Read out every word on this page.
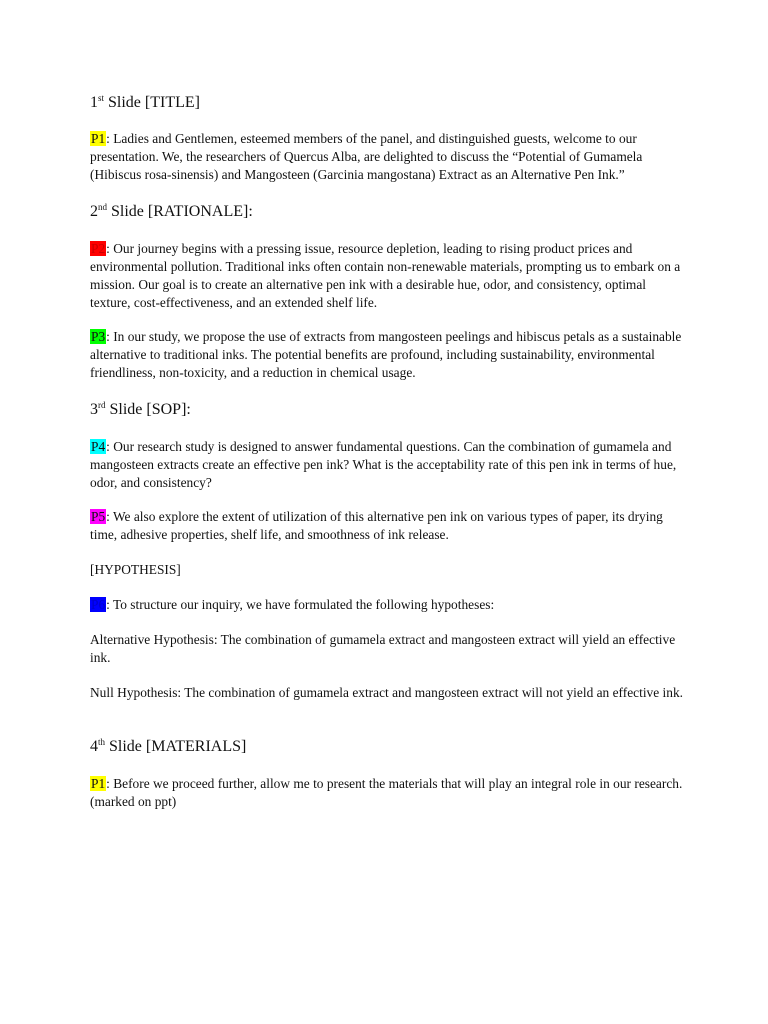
1st Slide [TITLE]

P1: Ladies and Gentlemen, esteemed members of the panel, and distinguished guests, welcome to our presentation. We, the researchers of Quercus Alba, are delighted to discuss the “Potential of Gumamela (Hibiscus rosa-sinensis) and Mangosteen (Garcinia mangostana) Extract as an Alternative Pen Ink.”

2nd Slide [RATIONALE]:

P2: Our journey begins with a pressing issue, resource depletion, leading to rising product prices and environmental pollution. Traditional inks often contain non-renewable materials, prompting us to embark on a mission. Our goal is to create an alternative pen ink with a desirable hue, odor, and consistency, optimal texture, cost-effectiveness, and an extended shelf life.

P3: In our study, we propose the use of extracts from mangosteen peelings and hibiscus petals as a sustainable alternative to traditional inks. The potential benefits are profound, including sustainability, environmental friendliness, non-toxicity, and a reduction in chemical usage.

3rd Slide [SOP]:

P4: Our research study is designed to answer fundamental questions. Can the combination of gumamela and mangosteen extracts create an effective pen ink? What is the acceptability rate of this pen ink in terms of hue, odor, and consistency?

P5: We also explore the extent of utilization of this alternative pen ink on various types of paper, its drying time, adhesive properties, shelf life, and smoothness of ink release.

[HYPOTHESIS]

P6: To structure our inquiry, we have formulated the following hypotheses:

Alternative Hypothesis: The combination of gumamela extract and mangosteen extract will yield an effective ink.

Null Hypothesis: The combination of gumamela extract and mangosteen extract will not yield an effective ink.

4th Slide [MATERIALS]

P1: Before we proceed further, allow me to present the materials that will play an integral role in our research. (marked on ppt)
